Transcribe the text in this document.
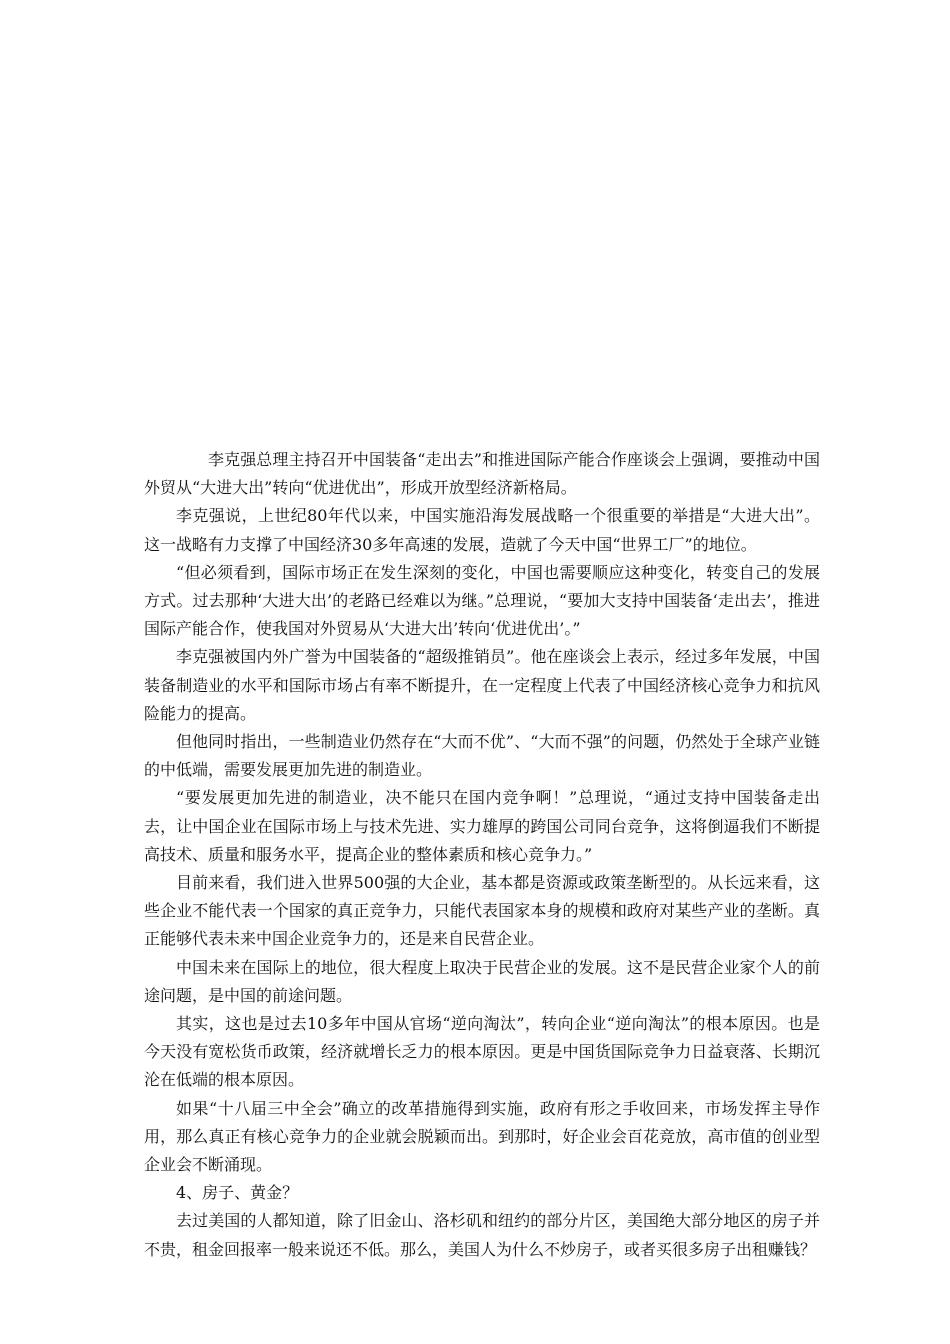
李克强总理主持召开中国装备“走出去”和推进国际产能合作座谈会上强调，要推动中国外贸从“大进大出”转向“优进优出”，形成开放型经济新格局。

李克强说，上世纪80年代以来，中国实施沿海发展战略一个很重要的举措是“大进大出”。这一战略有力支撑了中国经济30多年高速的发展，造就了今天中国“世界工厂”的地位。

“但必须看到，国际市场正在发生深刻的变化，中国也需要顺应这种变化，转变自己的发展方式。过去那种‘大进大出’的老路已经难以为继。”总理说，“要加大支持中国装备‘走出去’，推进国际产能合作，使我国对外贸易从‘大进大出’转向‘优进优出’。”

李克强被国内外广誉为中国装备的“超级推销员”。他在座谈会上表示，经过多年发展，中国装备制造业的水平和国际市场占有率不断提升，在一定程度上代表了中国经济核心竞争力和抗风险能力的提高。

但他同时指出，一些制造业仍然存在“大而不优”、“大而不强”的问题，仍然处于全球产业链的中低端，需要发展更加先进的制造业。

“要发展更加先进的制造业，决不能只在国内竞争啊！”总理说，“通过支持中国装备走出去，让中国企业在国际市场上与技术先进、实力雄厚的跨国公司同台竞争，这将倒逼我们不断提高技术、质量和服务水平，提高企业的整体素质和核心竞争力。”

目前来看，我们进入世界500强的大企业，基本都是资源或政策垄断型的。从长远来看，这些企业不能代表一个国家的真正竞争力，只能代表国家本身的规模和政府对某些产业的垄断。真正能够代表未来中国企业竞争力的，还是来自民营企业。

中国未来在国际上的地位，很大程度上取决于民营企业的发展。这不是民营企业家个人的前途问题，是中国的前途问题。

其实，这也是过去10多年中国从官场“逆向淘汰”，转向企业“逆向淘汰”的根本原因。也是今天没有宽松货币政策，经济就增长乏力的根本原因。更是中国货国际竞争力日益衰落、长期沉沦在低端的根本原因。

如果“十八届三中全会”确立的改革措施得到实施，政府有形之手收回来，市场发挥主导作用，那么真正有核心竞争力的企业就会脱颖而出。到那时，好企业会百花竞放，高市值的创业型企业会不断涌现。

4、房子、黄金？

去过美国的人都知道，除了旧金山、洛杉矶和纽约的部分片区，美国绝大部分地区的房子并不贵，租金回报率一般来说还不低。那么，美国人为什么不炒房子，或者买很多房子出租赚钱？
